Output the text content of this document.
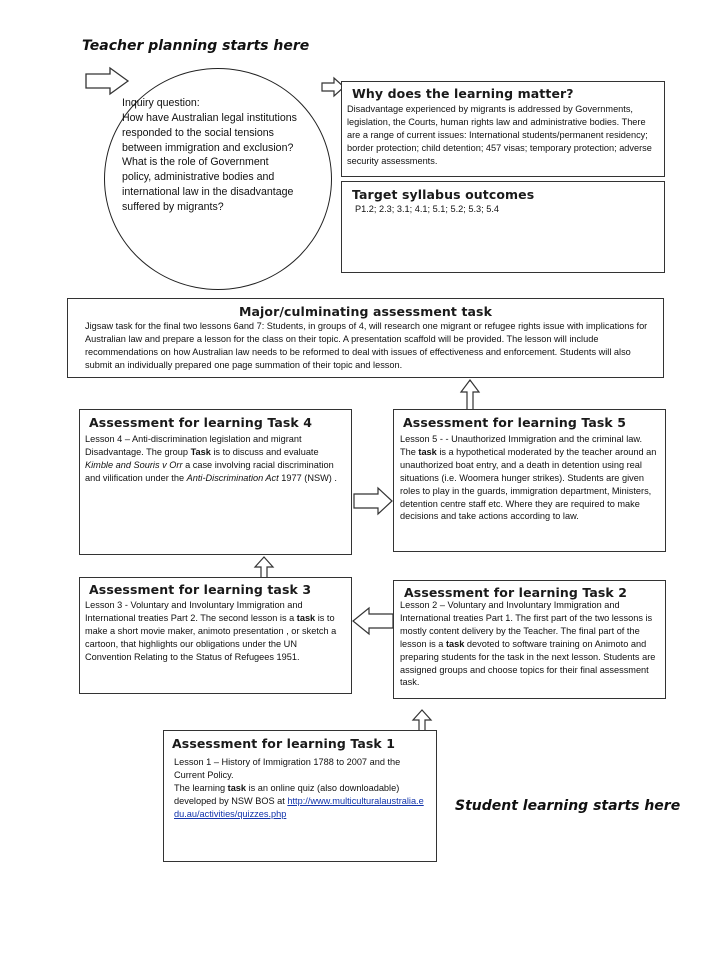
Teacher planning starts here
Student learning starts here
Inquiry question:
How have Australian legal institutions responded to the social tensions between immigration and exclusion? What is the role of Government policy, administrative bodies and international law in the disadvantage suffered by migrants?
Why does the learning matter?
Disadvantage experienced by migrants is addressed by Governments, legislation, the Courts, human rights law and administrative bodies. There are a range of current issues: International students/permanent residency; border protection; child detention; 457 visas; temporary protection; adverse security assessments.
Target syllabus outcomes
P1.2; 2.3; 3.1; 4.1; 5.1; 5.2; 5.3; 5.4
Major/culminating assessment task
Jigsaw task for the final two lessons 6and 7: Students, in groups of 4, will research one migrant or refugee rights issue with implications for Australian law and prepare a lesson for the class on their topic. A presentation scaffold will be provided. The lesson will include recommendations on how Australian law needs to be reformed to deal with issues of effectiveness and enforcement. Students will also submit an individually prepared one page summation of their topic and lesson.
Assessment for learning Task 4
Lesson 4 – Anti-discrimination legislation and migrant Disadvantage. The group Task is to discuss and evaluate Kimble and Souris v Orr a case involving racial discrimination and vilification under the Anti-Discrimination Act 1977 (NSW) .
Assessment for learning Task 5
Lesson 5 - - Unauthorized Immigration and the criminal law. The task is a hypothetical moderated by the teacher around an unauthorized boat entry, and a death in detention using real situations (i.e. Woomera hunger strikes). Students are given roles to play in the guards, immigration department, Ministers, detention centre staff etc. Where they are required to make decisions and take actions according to law.
Assessment for learning task 3
Lesson 3 - Voluntary and Involuntary Immigration and International treaties Part 2. The second lesson is a task is to make a short movie maker, animoto presentation , or sketch a cartoon, that highlights our obligations under the UN Convention Relating to the Status of Refugees 1951.
Assessment for learning Task 2
Lesson 2 – Voluntary and Involuntary Immigration and International treaties Part 1. The first part of the two lessons is mostly content delivery by the Teacher. The final part of the lesson is a task devoted to software training on Animoto and preparing students for the task in the next lesson. Students are assigned groups and choose topics for their final assessment task.
Assessment for learning Task 1
Lesson 1 – History of Immigration 1788 to 2007 and the Current Policy.
The learning task is an online quiz (also downloadable) developed by NSW BOS at http://www.multiculturalaustralia.edu.au/activities/quizzes.php
